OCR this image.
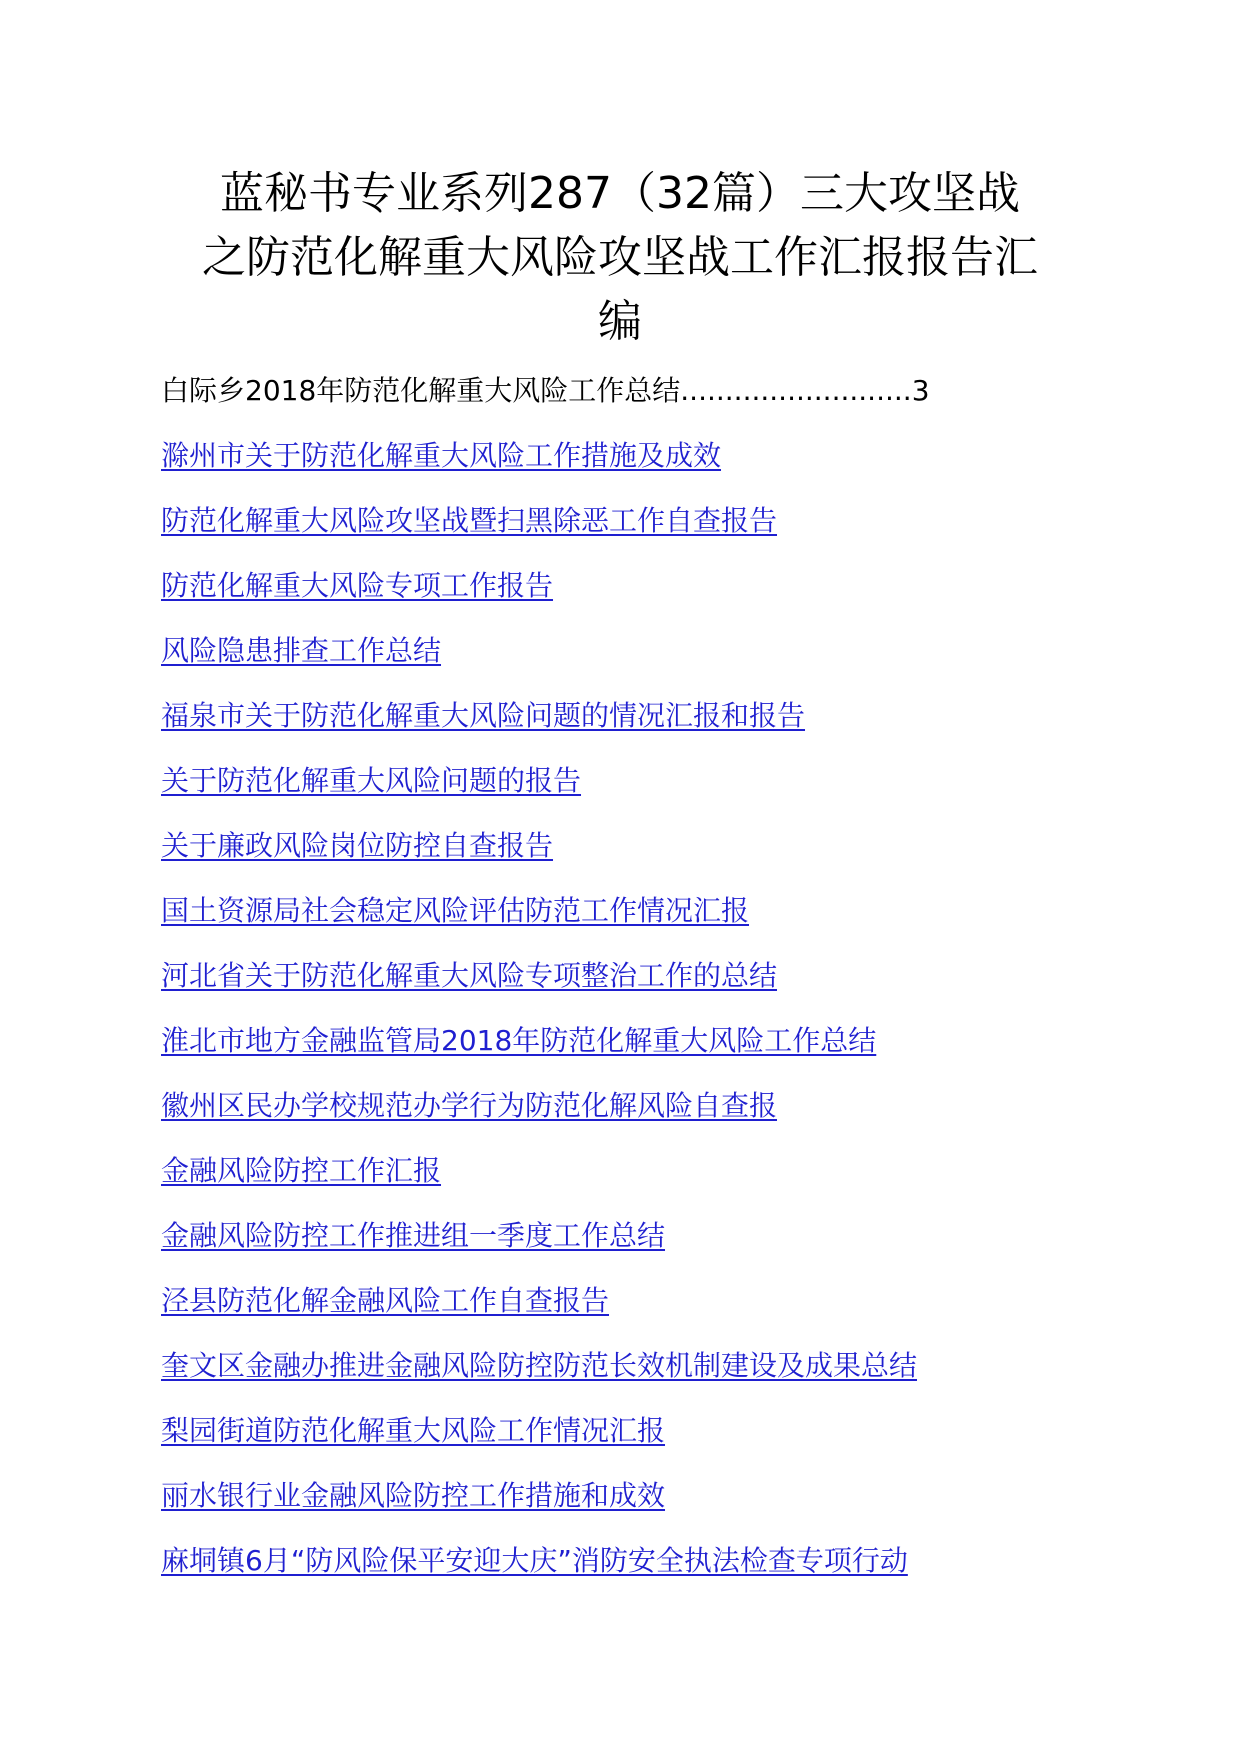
蓝秘书专业系列287（32篇）三大攻坚战
之防范化解重大风险攻坚战工作汇报报告汇
编
白际乡2018年防范化解重大风险工作总结..........................3
滁州市关于防范化解重大风险工作措施及成效
防范化解重大风险攻坚战暨扫黑除恶工作自查报告
防范化解重大风险专项工作报告
风险隐患排查工作总结
福泉市关于防范化解重大风险问题的情况汇报和报告
关于防范化解重大风险问题的报告
关于廉政风险岗位防控自查报告
国土资源局社会稳定风险评估防范工作情况汇报
河北省关于防范化解重大风险专项整治工作的总结
淮北市地方金融监管局2018年防范化解重大风险工作总结
徽州区民办学校规范办学行为防范化解风险自查报
金融风险防控工作汇报
金融风险防控工作推进组一季度工作总结
泾县防范化解金融风险工作自查报告
奎文区金融办推进金融风险防控防范长效机制建设及成果总结
梨园街道防范化解重大风险工作情况汇报
丽水银行业金融风险防控工作措施和成效
麻垌镇6月“防风险保平安迎大庆”消防安全执法检查专项行动
